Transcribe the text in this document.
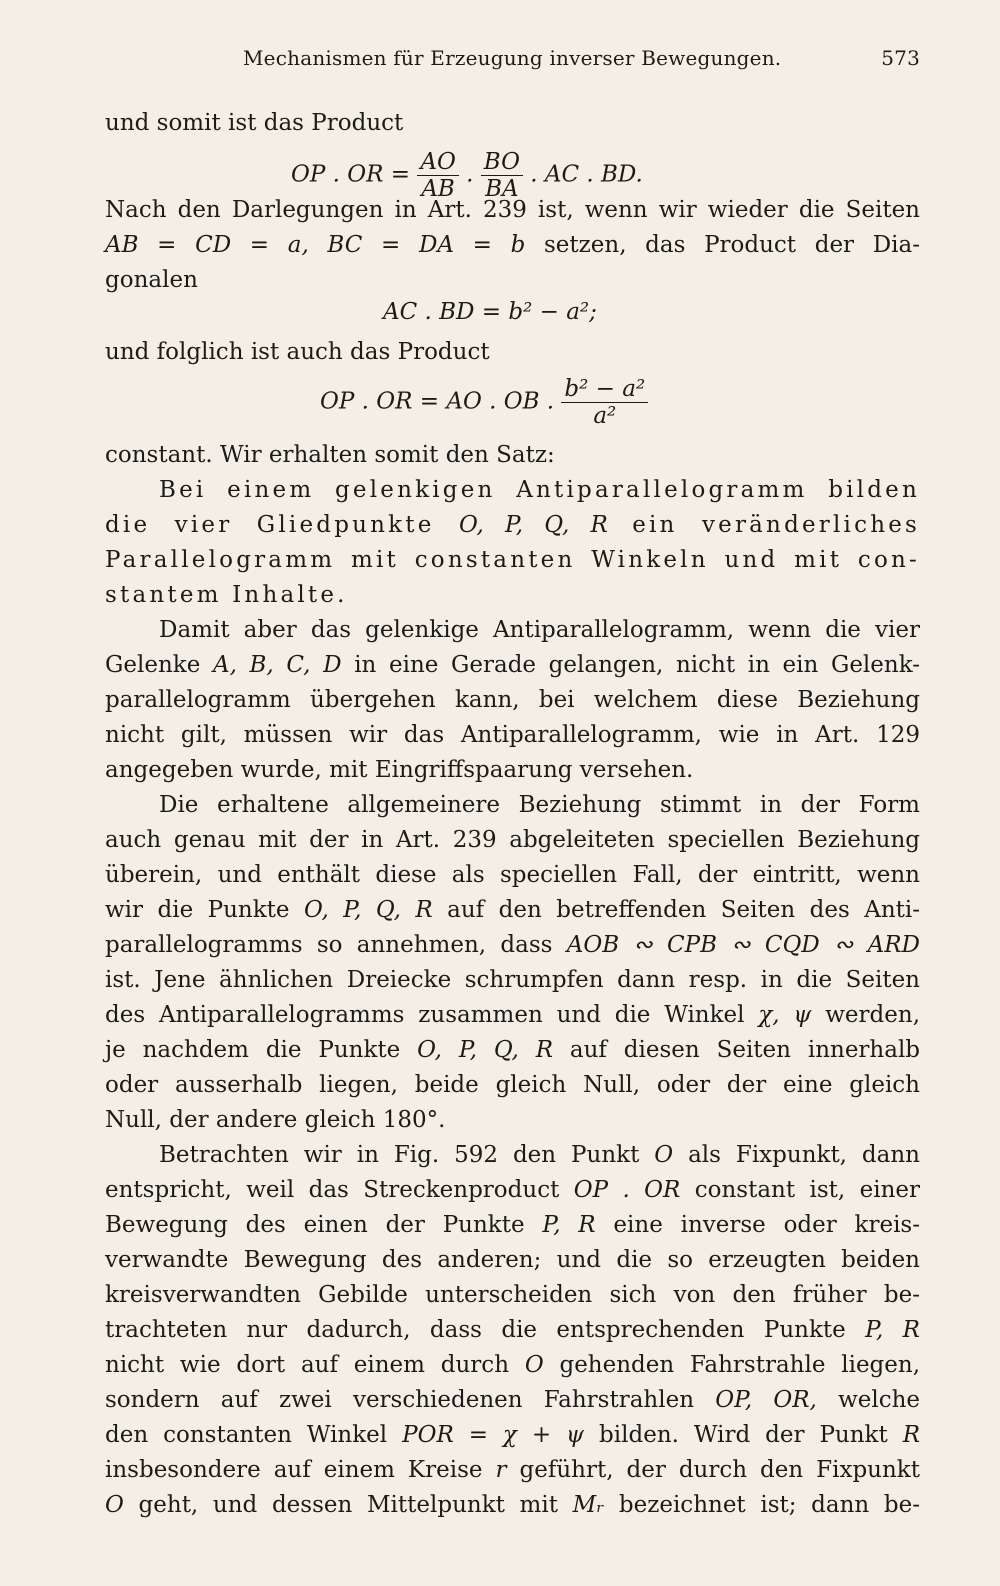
Mechanismen für Erzeugung inverser Bewegungen.	573
und somit ist das Product
OP . OR = $\frac{AO}{AB}$ . $\frac{BO}{BA}$ . AC . BD.
Nach den Darlegungen in Art. 239 ist, wenn wir wieder die Seiten
AB = CD = a, BC = DA = b setzen, das Product der Dia-
gonalen
AC . BD = b² − a²;
und folglich ist auch das Product
OP . OR = AO . OB . $\frac{\text{b² − a²}}{\text{a²}}$
constant. Wir erhalten somit den Satz:
Bei einem gelenkigen Antiparallelogramm bilden
die vier Gliedpunkte O, P, Q, R ein veränderliches
Parallelogramm mit constanten Winkeln und mit con-
stantem Inhalte.
Damit aber das gelenkige Antiparallelogramm, wenn die vier
Gelenke A, B, C, D in eine Gerade gelangen, nicht in ein Gelenk-
parallelogramm übergehen kann, bei welchem diese Beziehung
nicht gilt, müssen wir das Antiparallelogramm, wie in Art. 129
angegeben wurde, mit Eingriffspaarung versehen.
Die erhaltene allgemeinere Beziehung stimmt in der Form
auch genau mit der in Art. 239 abgeleiteten speciellen Beziehung
überein, und enthält diese als speciellen Fall, der eintritt, wenn
wir die Punkte O, P, Q, R auf den betreffenden Seiten des Anti-
parallelogramms so annehmen, dass AOB ∾ CPB ∾ CQD ∾ ARD
ist. Jene ähnlichen Dreiecke schrumpfen dann resp. in die Seiten
des Antiparallelogramms zusammen und die Winkel χ, ψ werden,
je nachdem die Punkte O, P, Q, R auf diesen Seiten innerhalb
oder ausserhalb liegen, beide gleich Null, oder der eine gleich
Null, der andere gleich 180°.
Betrachten wir in Fig. 592 den Punkt O als Fixpunkt, dann
entspricht, weil das Streckenproduct OP . OR constant ist, einer
Bewegung des einen der Punkte P, R eine inverse oder kreis-
verwandte Bewegung des anderen; und die so erzeugten beiden
kreisverwandten Gebilde unterscheiden sich von den früher be-
trachteten nur dadurch, dass die entsprechenden Punkte P, R
nicht wie dort auf einem durch O gehenden Fahrstrahle liegen,
sondern auf zwei verschiedenen Fahrstrahlen OP, OR, welche
den constanten Winkel POR = χ + ψ bilden. Wird der Punkt R
insbesondere auf einem Kreise r geführt, der durch den Fixpunkt
O geht, und dessen Mittelpunkt mit Mᵣ bezeichnet ist; dann be-
